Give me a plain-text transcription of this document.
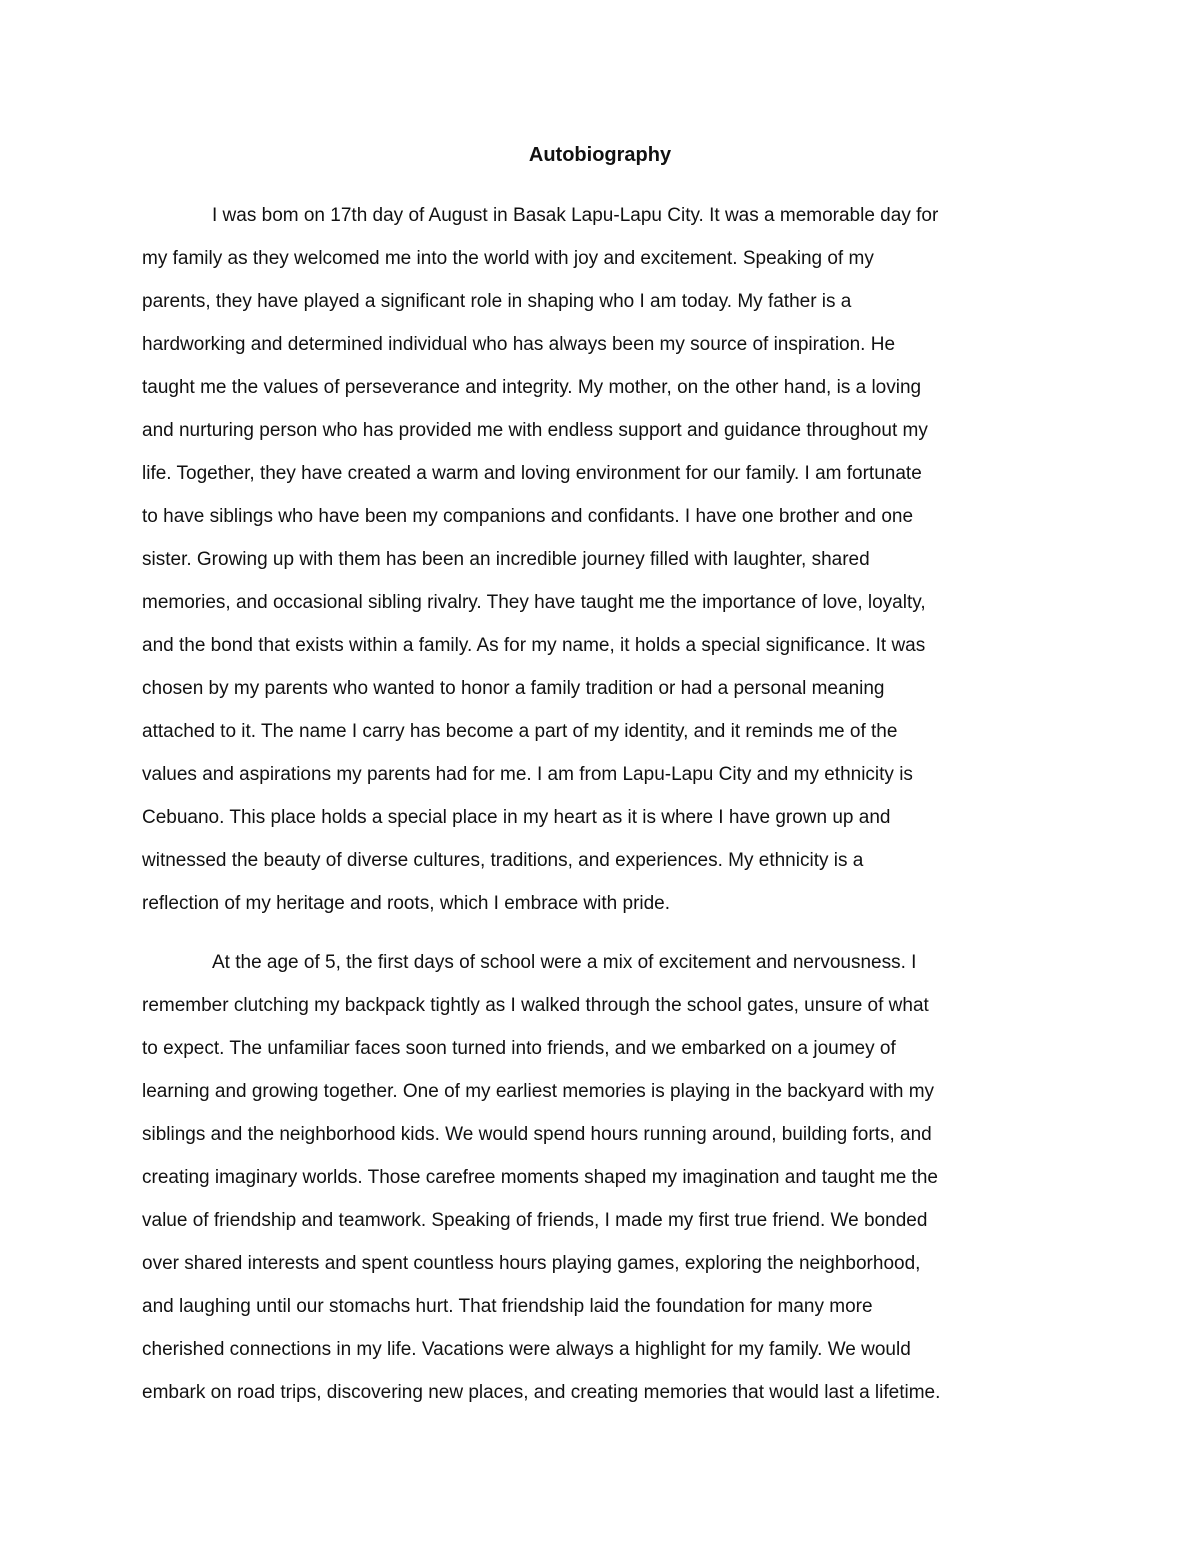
Autobiography
I was bom on 17th day of August in Basak Lapu-Lapu City. It was a memorable day for
my family as they welcomed me into the world with joy and excitement. Speaking of my
parents, they have played a significant role in shaping who I am today. My father is a
hardworking and determined individual who has always been my source of inspiration. He
taught me the values of perseverance and integrity. My mother, on the other hand, is a loving
and nurturing person who has provided me with endless support and guidance throughout my
life. Together, they have created a warm and loving environment for our family. I am fortunate
to have siblings who have been my companions and confidants. I have one brother and one
sister. Growing up with them has been an incredible journey filled with laughter, shared
memories, and occasional sibling rivalry. They have taught me the importance of love, loyalty,
and the bond that exists within a family. As for my name, it holds a special significance. It was
chosen by my parents who wanted to honor a family tradition or had a personal meaning
attached to it. The name I carry has become a part of my identity, and it reminds me of the
values and aspirations my parents had for me. I am from Lapu-Lapu City and my ethnicity is
Cebuano. This place holds a special place in my heart as it is where I have grown up and
witnessed the beauty of diverse cultures, traditions, and experiences. My ethnicity is a
reflection of my heritage and roots, which I embrace with pride.
At the age of 5, the first days of school were a mix of excitement and nervousness. I
remember clutching my backpack tightly as I walked through the school gates, unsure of what
to expect. The unfamiliar faces soon turned into friends, and we embarked on a joumey of
learning and growing together. One of my earliest memories is playing in the backyard with my
siblings and the neighborhood kids. We would spend hours running around, building forts, and
creating imaginary worlds. Those carefree moments shaped my imagination and taught me the
value of friendship and teamwork. Speaking of friends, I made my first true friend. We bonded
over shared interests and spent countless hours playing games, exploring the neighborhood,
and laughing until our stomachs hurt. That friendship laid the foundation for many more
cherished connections in my life. Vacations were always a highlight for my family. We would
embark on road trips, discovering new places, and creating memories that would last a lifetime.
